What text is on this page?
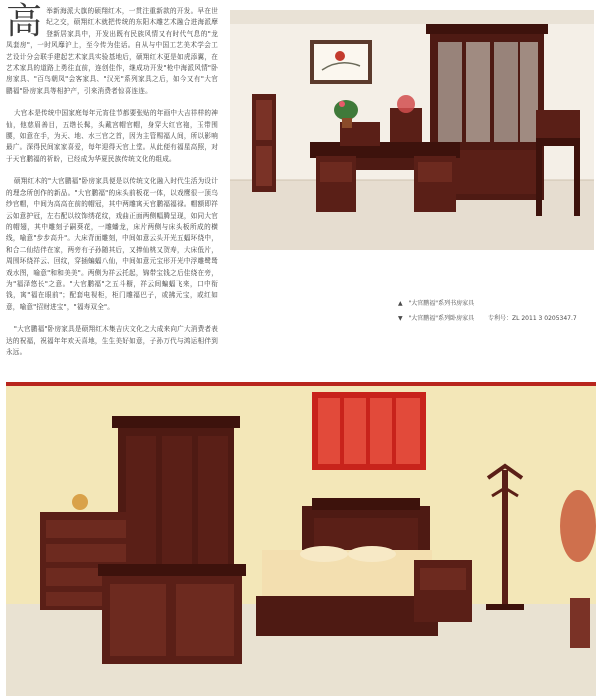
高 举新海派大旗的硕翔红木，一贯注重新款的开发。早在世纪之交，硕翔红木就把传统的东阳木雕艺术融合进海派摩登新居家具中，开发出既有民族风情又有时代气息的"龙凤套房"，一时风靡沪上，至今传为佳话。自从与中国工艺美术学会工艺设计分会联手建起艺术家具实验基地后，硕翔红木更是如虎添翼，在艺术家具的道路上勇往直前，连创佳作，继成功开发"枪中海派风情"卧房家具、"百鸟朝凤"会客家具、"汉光"系列家具之后，如今又有"大官鹏福"卧房家具等相护产，引来消费者惊喜连连。

大官本是传统中国家庭每年元宵佳节都要张贴的年画中大吉祥样的神仙，他慈眉善目，五绺长髯，头戴宫帽官帽，身穿大红官袍，玉带围腰，如意在手，为天、地、水三官之首，因为主管赐福人间，所以影响最广。深得民间家家喜爱，每年迎得天官上堂。从此便有福星高照，对于天官鹏福的祈盼，已经成为华夏民族传统文化的组成。

硕翔红木的"大官鹏福"卧房家具便是以传统文化融入时代生活为设计的理念所创作的新品。"大官鹏福"的床头前板花一体，以戏鹰很一顶乌纱官帽，中间为高高在前的帽冠，其中两雕寓天官鹏福福禄。帽额即祥云如意护冠，左右配以纹饰绣花纹，戏曲正面两侧幅腾呈现，如同大官的帽翅，其中雕刻子嗣葵花，一雕蟠龙，床片两侧与床头板所成的横线，喻意"步步高升"。大床背面雕刻，中间如意云头开光五蝠环绕中，和合二仙结伴在家，两旁有子孙随其后，又捧仙桃又贺寿，大床低片，周围环绕祥云、回纹，穿插蝙蝠八仙，中间如意元宝形开光中浮雕鹭鸶戏水图，喻意"和和美美"。两侧为祥云托起，锦带宝钱之后佳绕在旁，为"福泽悠长"之意。"大官鹏福"之五斗橱，祥云间蝙蝠飞来，口中衔钱，寓"福在眼前"；配套电视柜，柜门雕福巴子，或拂元宝，或红如意，喻意"招财进宝"，"福寿双全"。

"大官鹏福"卧房家具是硕翔红木集吉庆文化之大成来向广大消费者表达的祝福，祝福年年欢天喜地，生生美好如意，子孙万代与鸿运相伴到永远。

▲ "大官鹏福"系列书房家具
▼ "大官鹏福"系列卧房家具 专利号：ZL 2011 3 0205347.7
